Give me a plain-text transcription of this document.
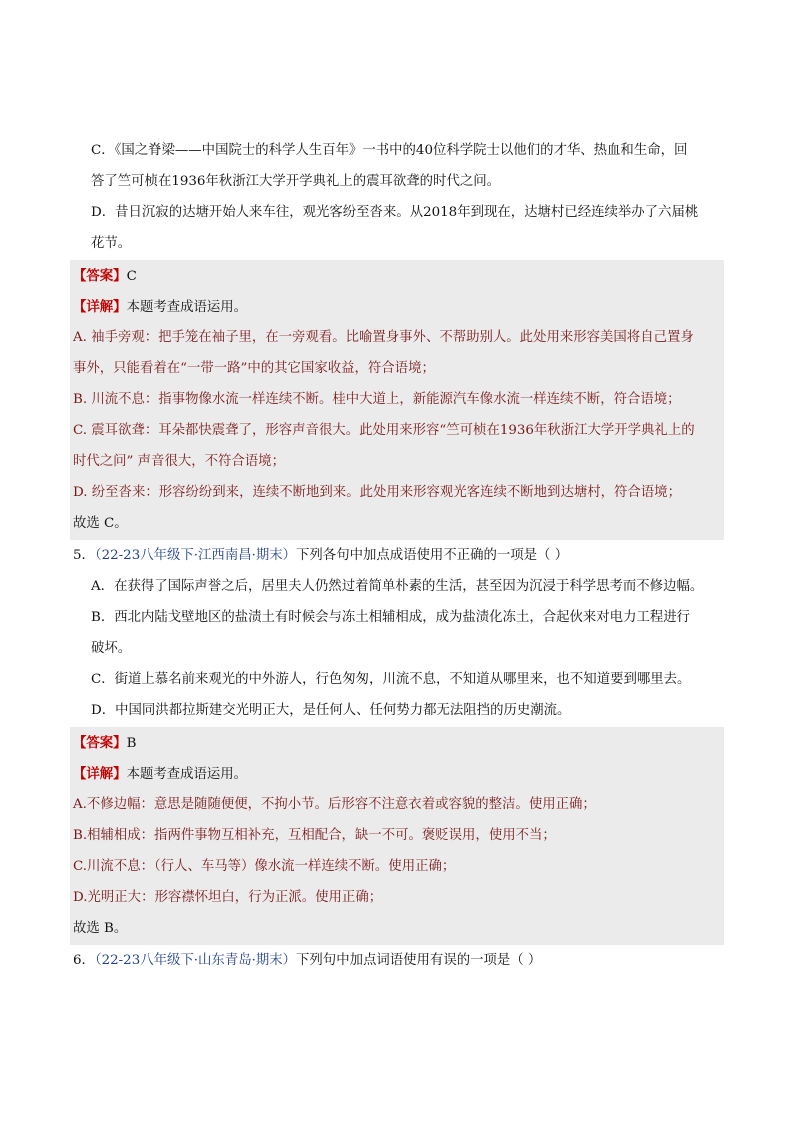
C．《国之脊梁——中国院士的科学人生百年》一书中的40位科学院士以他们的才华、热血和生命，回
答了竺可桢在1936年秋浙江大学开学典礼上的震耳欲聋的时代之问。
D．昔日沉寂的达塘开始人来车往，观光客纷至沓来。从2018年到现在，达塘村已经连续举办了六届桃
花节。
【答案】C
【详解】本题考查成语运用。
A. 袖手旁观：把手笼在袖子里，在一旁观看。比喻置身事外、不帮助别人。此处用来形容美国将自己置身
事外，只能看着在“一带一路”中的其它国家收益，符合语境；
B. 川流不息：指事物像水流一样连续不断。桂中大道上，新能源汽车像水流一样连续不断，符合语境；
C. 震耳欲聋：耳朵都快震聋了，形容声音很大。此处用来形容“竺可桢在1936年秋浙江大学开学典礼上的
时代之问” 声音很大，不符合语境；
D. 纷至沓来：形容纷纷到来，连续不断地到来。此处用来形容观光客连续不断地到达塘村，符合语境；
故选 C。
5．（22-23八年级下·江西南昌·期末）下列各句中加点成语使用不正确的一项是（ ）
A．在获得了国际声誉之后，居里夫人仍然过着简单朴素的生活，甚至因为沉浸于科学思考而不修边幅。
B．西北内陆戈壁地区的盐渍土有时候会与冻土相辅相成，成为盐渍化冻土，合起伙来对电力工程进行
破坏。
C．街道上慕名前来观光的中外游人，行色匆匆，川流不息，不知道从哪里来，也不知道要到哪里去。
D．中国同洪都拉斯建交光明正大，是任何人、任何势力都无法阻挡的历史潮流。
【答案】B
【详解】本题考查成语运用。
A.不修边幅：意思是随随便便，不拘小节。后形容不注意衣着或容貌的整洁。使用正确；
B.相辅相成：指两件事物互相补充，互相配合，缺一不可。褒贬误用，使用不当；
C.川流不息：（行人、车马等）像水流一样连续不断。使用正确；
D.光明正大：形容襟怀坦白，行为正派。使用正确；
故选 B。
6．（22-23八年级下·山东青岛·期末）下列句中加点词语使用有误的一项是（ ）
